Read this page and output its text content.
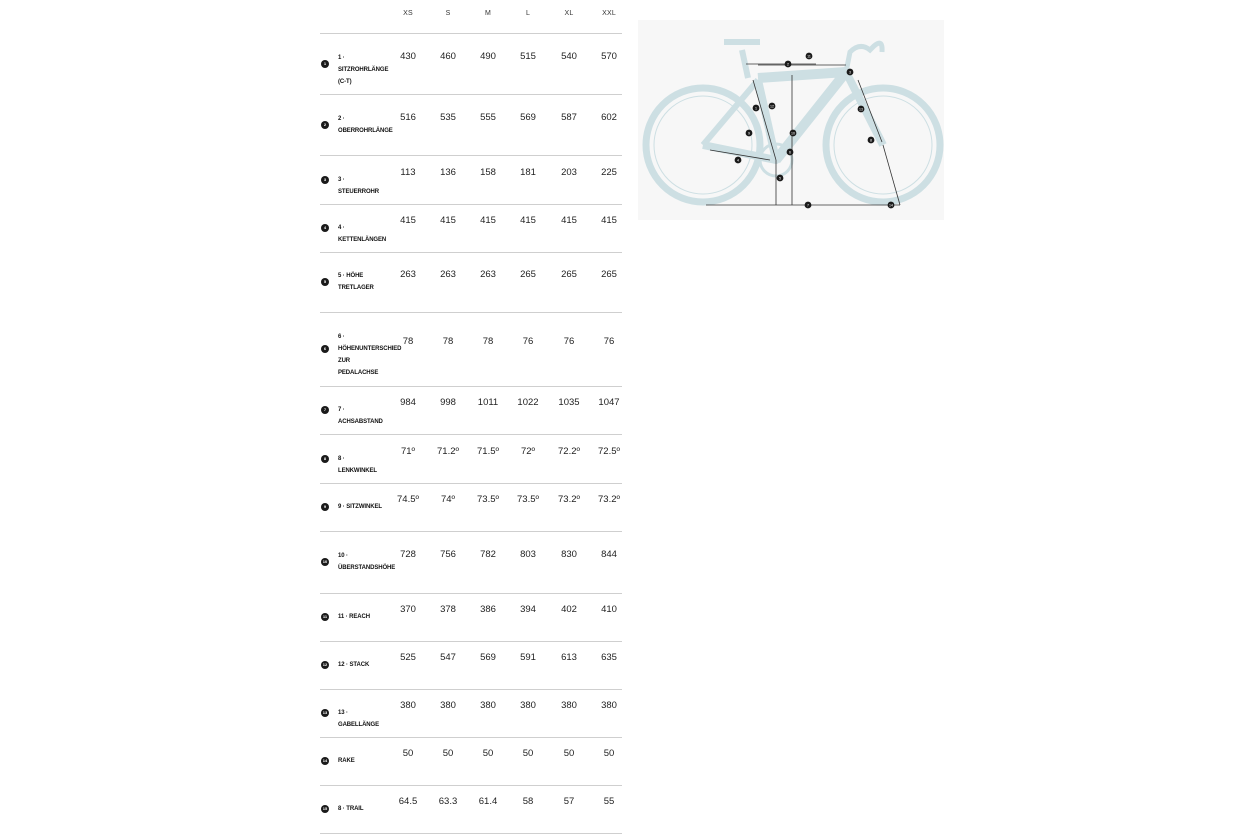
XS	S	M	L	XL	XXL
1
1 · SITZROHRLÄNGE (C-T)
430	460	490	515	540	570
2
2 · OBERROHRLÄNGE
516	535	555	569	587	602
3	3 · STEUERROHR
113	136	158	181	203	225
4	4 · KETTENLÄNGEN
415	415	415	415	415	415
5
5 · HÖHE TRETLAGER
263	263	263	265	265	265
6
6 · HÖHENUNTERSCHIED ZUR PEDALACHSE
78	78	78	76	76	76
7	7 · ACHSABSTAND
984	998	1011	1022	1035	1047
8	8 · LENKWINKEL
71º	71.2º	71.5º	72º	72.2º	72.5º
9	9 · SITZWINKEL
74.5º	74º	73.5º	73.5º	73.2º	73.2º
10
10 · ÜBERSTANDSHÖHE
728	756	782	803	830	844
11	11 · REACH
370	378	386	394	402	410
12 12 · STACK
525	547	569	591	613	635
13 13 · GABELLÄNGE
380	380	380	380	380	380
14 RAKE
50	50	50	50	50	50
15 8 · TRAIL
64.5	63.3	61.4	58	57	55
1
2
3
4
5
6
7
8
9	10
11
12
13
14
